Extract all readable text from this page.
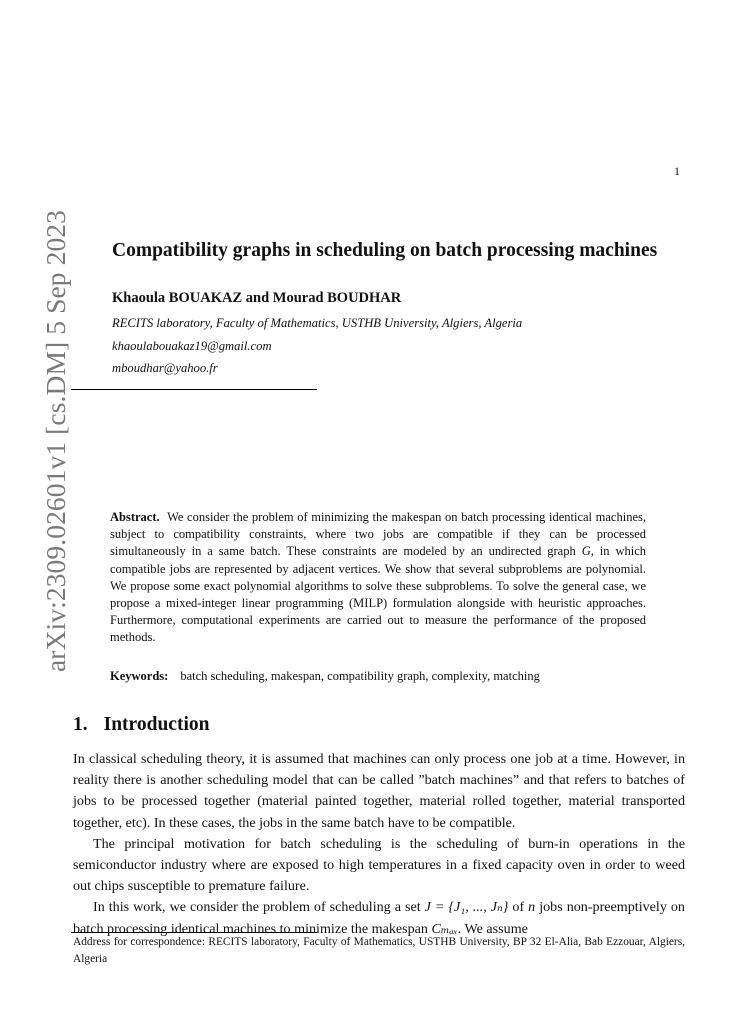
1
arXiv:2309.02601v1 [cs.DM] 5 Sep 2023 Compatibility graphs in scheduling on batch processing machines
Khaoula BOUAKAZ and Mourad BOUDHAR
RECITS laboratory, Faculty of Mathematics, USTHB University, Algiers, Algeria
khaoulabouakaz19@gmail.com
mboudhar@yahoo.fr
Abstract. We consider the problem of minimizing the makespan on batch processing identical machines, subject to compatibility constraints, where two jobs are compatible if they can be processed simultaneously in a same batch. These constraints are modeled by an undirected graph G, in which compatible jobs are represented by adjacent vertices. We show that several subproblems are polynomial. We propose some exact polynomial algorithms to solve these subproblems. To solve the general case, we propose a mixed-integer linear programming (MILP) formulation alongside with heuristic approaches. Furthermore, computational experiments are carried out to measure the performance of the proposed methods.
Keywords: batch scheduling, makespan, compatibility graph, complexity, matching
1. Introduction

In classical scheduling theory, it is assumed that machines can only process one job at a time. However, in reality there is another scheduling model that can be called ”batch machines” and that refers to batches of jobs to be processed together (material painted together, material rolled together, material transported together, etc). In these cases, the jobs in the same batch have to be compatible.

The principal motivation for batch scheduling is the scheduling of burn-in operations in the semiconductor industry where are exposed to high temperatures in a fixed capacity oven in order to weed out chips susceptible to premature failure.

In this work, we consider the problem of scheduling a set J = {J₁, ..., Jₙ} of n jobs non-preemptively on batch processing identical machines to minimize the makespan Cₘₐₓ. We assume

Address for correspondence: RECITS laboratory, Faculty of Mathematics, USTHB University, BP 32 El-Alia, Bab Ezzouar, Algiers, Algeria
